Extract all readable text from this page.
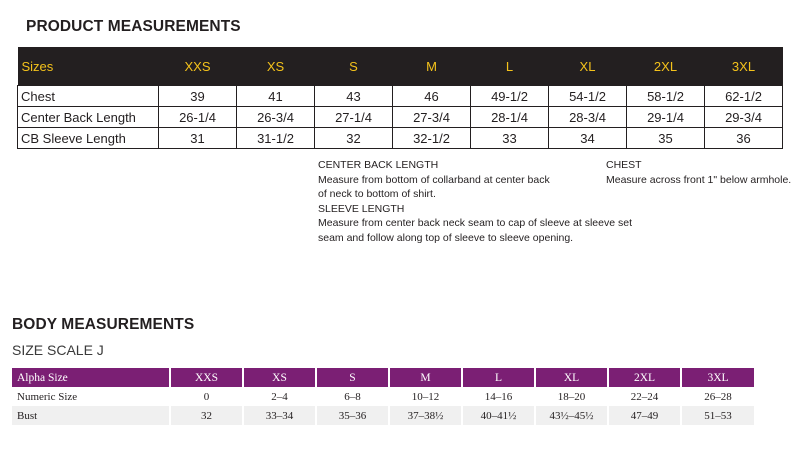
PRODUCT MEASUREMENTS
Sizes	XXS	XS	S	M	L	XL	2XL	3XL
Chest	39	41	43	46	49-1/2	54-1/2	58-1/2	62-1/2
Center Back Length	26-1/4	26-3/4	27-1/4	27-3/4	28-1/4	28-3/4	29-1/4	29-3/4
CB Sleeve Length	31	31-1/2	32	32-1/2	33	34	35	36
CENTER BACK LENGTH
Measure from bottom of collarband at center back
of neck to bottom of shirt.
SLEEVE LENGTH
Measure from center back neck seam to cap of sleeve at sleeve set
seam and follow along top of sleeve to sleeve opening.
CHEST
Measure across front 1" below armhole.
BODY MEASUREMENTS
SIZE SCALE J
Alpha Size	XXS	XS	S	M	L	XL	2XL	3XL
Numeric Size	0	2–4	6–8	10–12	14–16	18–20	22–24	26–28
Bust	32	33–34	35–36	37–38½	40–41½	43½–45½	47–49	51–53
